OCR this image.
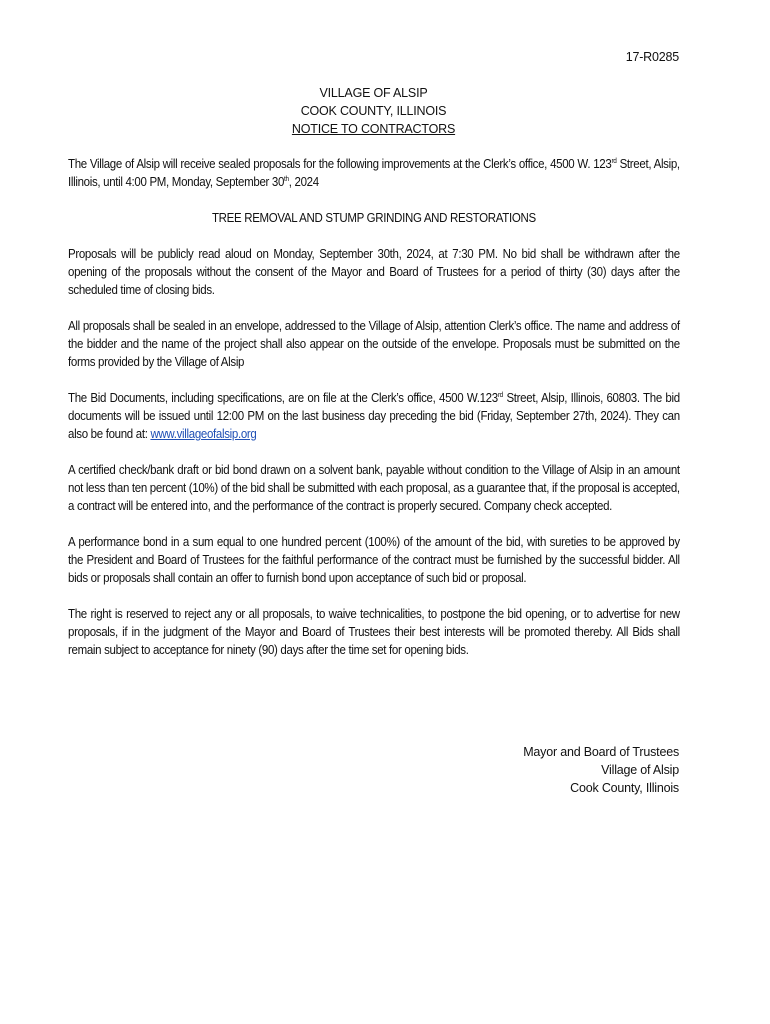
17-R0285
VILLAGE OF ALSIP
COOK COUNTY, ILLINOIS
NOTICE TO CONTRACTORS

The Village of Alsip will receive sealed proposals for the following improvements at the Clerk’s office, 4500 W. 123rd Street, Alsip, Illinois, until 4:00 PM, Monday, September 30th, 2024

TREE REMOVAL AND STUMP GRINDING AND RESTORATIONS

Proposals will be publicly read aloud on Monday, September 30th, 2024, at 7:30 PM. No bid shall be withdrawn after the opening of the proposals without the consent of the Mayor and Board of Trustees for a period of thirty (30) days after the scheduled time of closing bids.

All proposals shall be sealed in an envelope, addressed to the Village of Alsip, attention Clerk’s office. The name and address of the bidder and the name of the project shall also appear on the outside of the envelope. Proposals must be submitted on the forms provided by the Village of Alsip

The Bid Documents, including specifications, are on file at the Clerk’s office, 4500 W.123rd Street, Alsip, Illinois, 60803. The bid documents will be issued until 12:00 PM on the last business day preceding the bid (Friday, September 27th, 2024). They can also be found at: www.villageofalsip.org

A certified check/bank draft or bid bond drawn on a solvent bank, payable without condition to the Village of Alsip in an amount not less than ten percent (10%) of the bid shall be submitted with each proposal, as a guarantee that, if the proposal is accepted, a contract will be entered into, and the performance of the contract is properly secured. Company check accepted.

A performance bond in a sum equal to one hundred percent (100%) of the amount of the bid, with sureties to be approved by the President and Board of Trustees for the faithful performance of the contract must be furnished by the successful bidder. All bids or proposals shall contain an offer to furnish bond upon acceptance of such bid or proposal.

The right is reserved to reject any or all proposals, to waive technicalities, to postpone the bid opening, or to advertise for new proposals, if in the judgment of the Mayor and Board of Trustees their best interests will be promoted thereby. All Bids shall remain subject to acceptance for ninety (90) days after the time set for opening bids.

Mayor and Board of Trustees
Village of Alsip
Cook County, Illinois
